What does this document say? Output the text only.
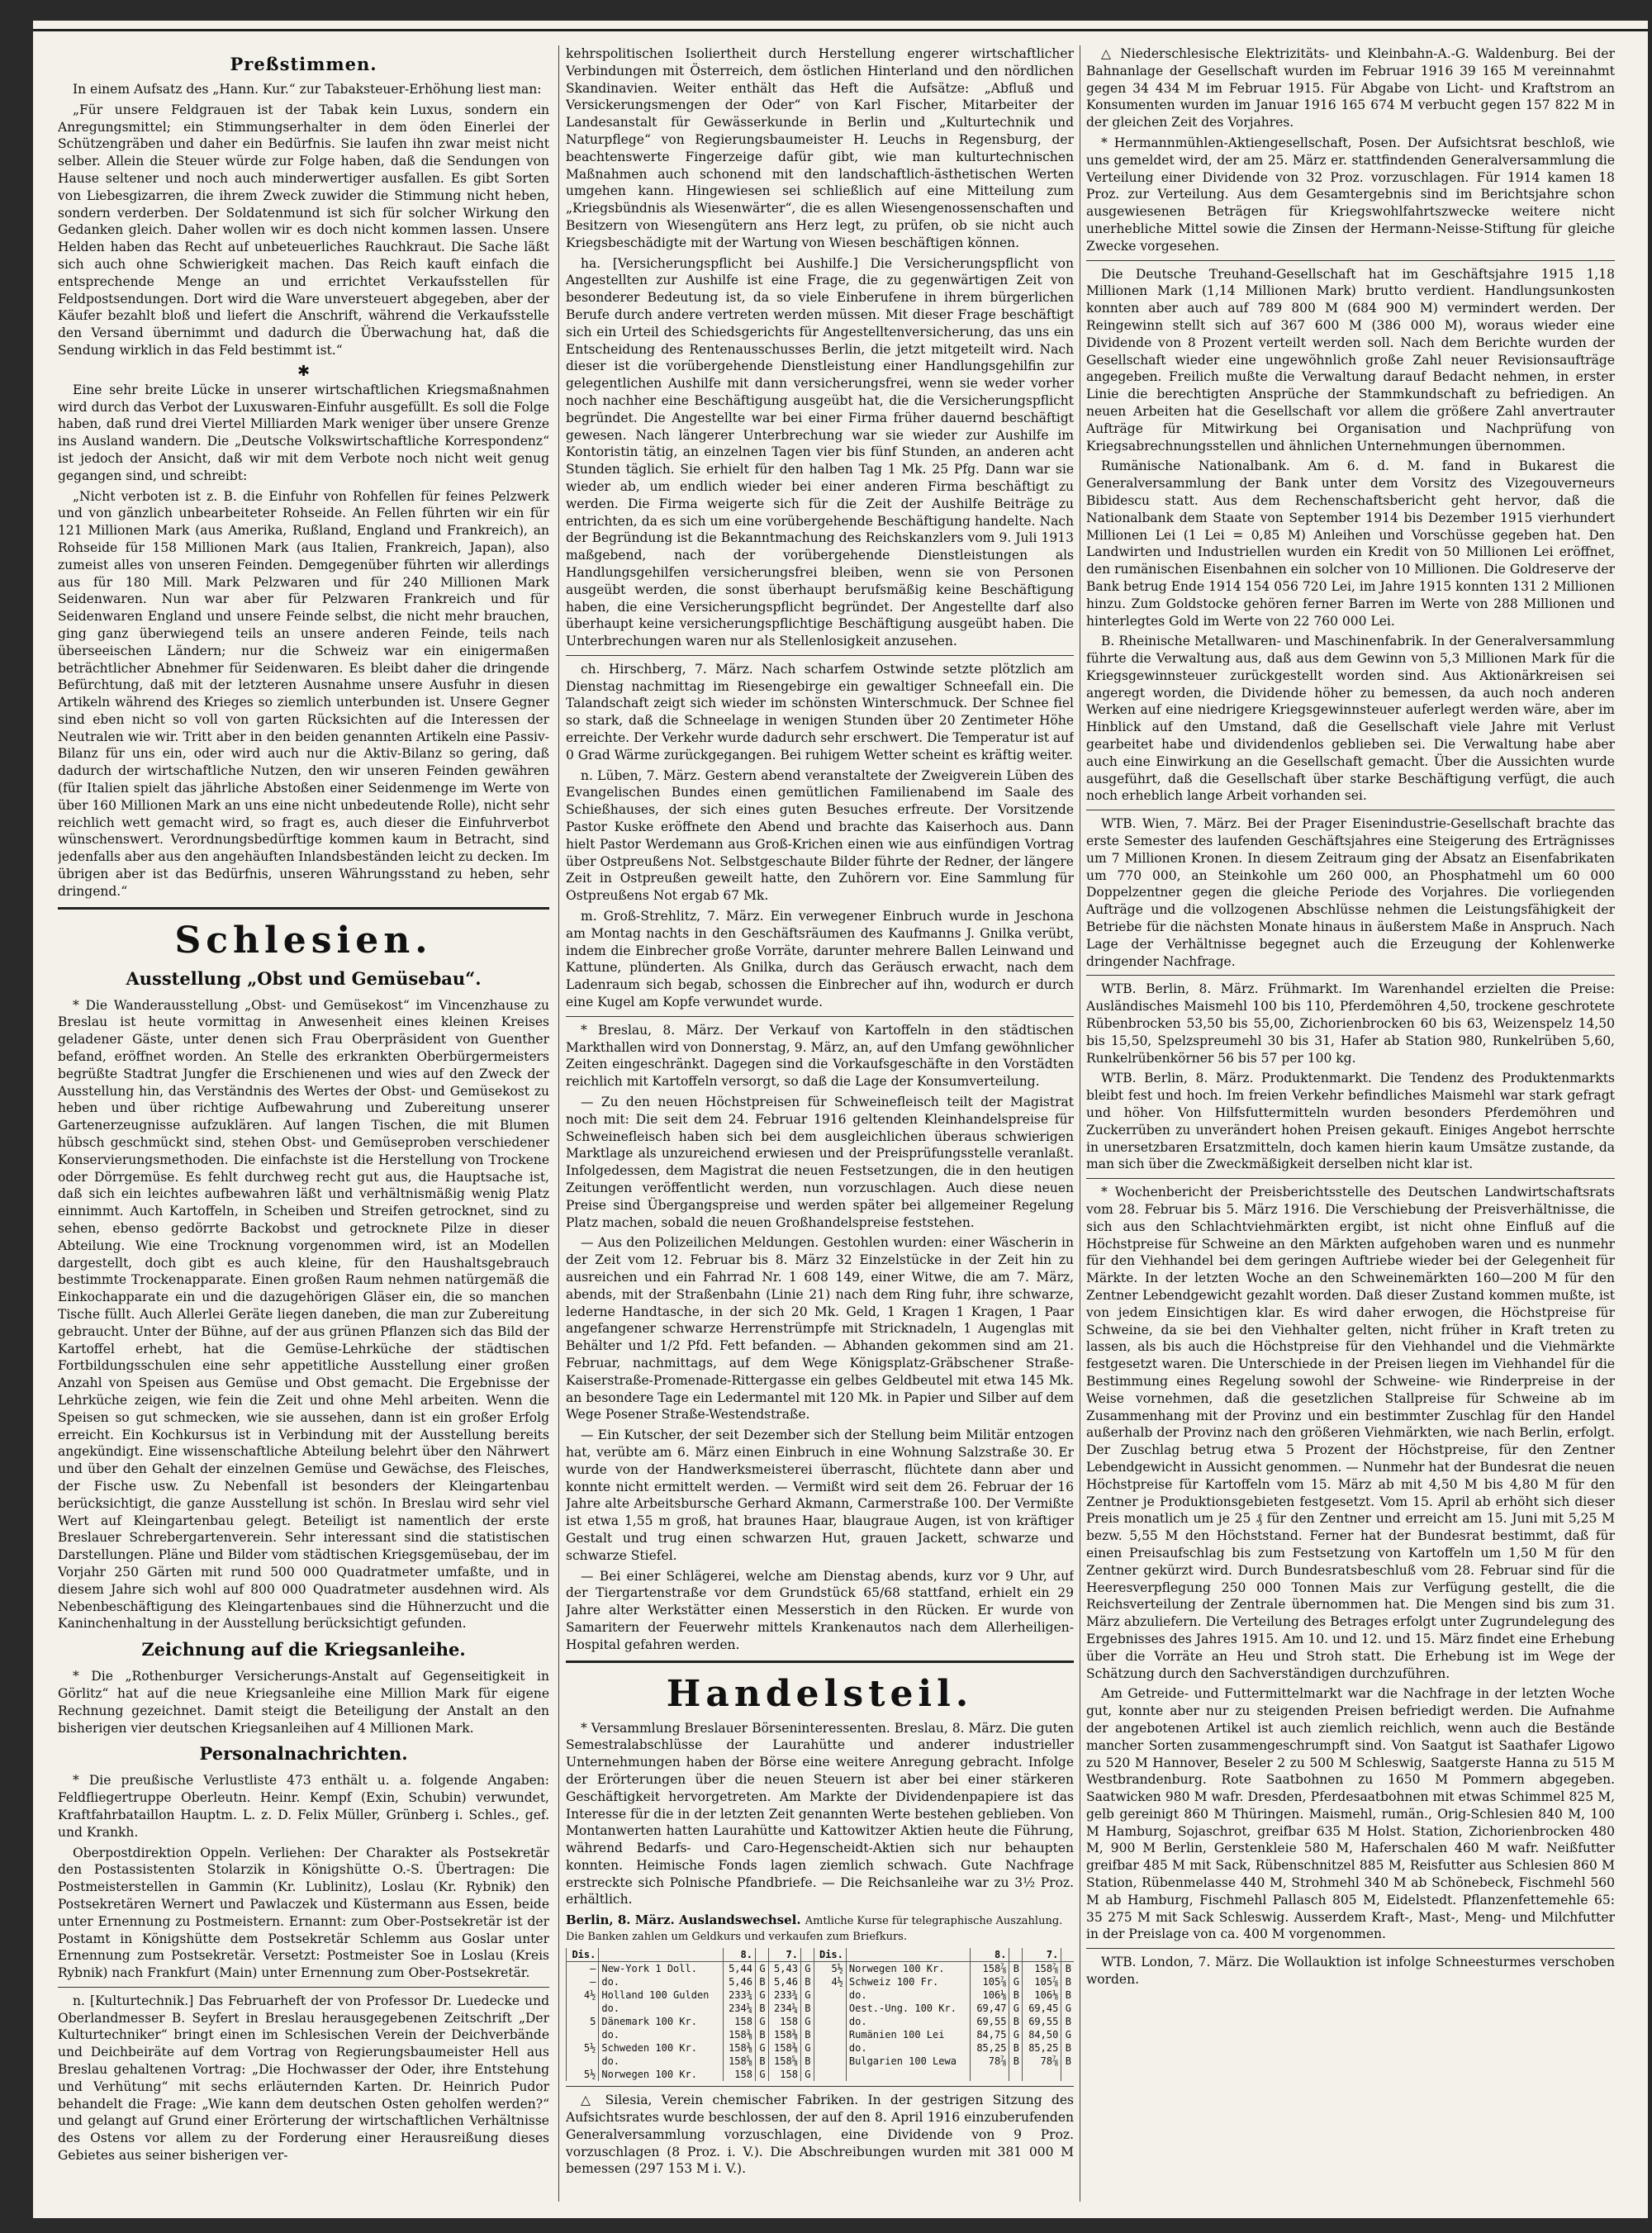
Preßstimmen.

In einem Aufsatz des „Hann. Kur.“ zur Tabaksteuer-Erhöhung liest man:

„Für unsere Feldgrauen ist der Tabak kein Luxus, sondern ein Anregungsmittel; ein Stimmungserhalter in dem öden Einerlei der Schützengräben und daher ein Bedürfnis. Sie laufen ihn zwar meist nicht selber. Allein die Steuer würde zur Folge haben, daß die Sendungen von Hause seltener und noch auch minderwertiger ausfallen. Es gibt Sorten von Liebesgizarren, die ihrem Zweck zuwider die Stimmung nicht heben, sondern verderben. Der Soldatenmund ist sich für solcher Wirkung den Gedanken gleich. Daher wollen wir es doch nicht kommen lassen. Unsere Helden haben das Recht auf unbeteuerliches Rauchkraut. Die Sache läßt sich auch ohne Schwierigkeit machen. Das Reich kauft einfach die entsprechende Menge an und errichtet Verkaufsstellen für Feldpostsendungen. Dort wird die Ware unversteuert abgegeben, aber der Käufer bezahlt bloß und liefert die Anschrift, während die Verkaufsstelle den Versand übernimmt und dadurch die Überwachung hat, daß die Sendung wirklich in das Feld bestimmt ist.“

✱

Eine sehr breite Lücke in unserer wirtschaftlichen Kriegsmaßnahmen wird durch das Verbot der Luxuswaren-Einfuhr ausgefüllt. Es soll die Folge haben, daß rund drei Viertel Milliarden Mark weniger über unsere Grenze ins Ausland wandern. Die „Deutsche Volkswirtschaftliche Korrespondenz“ ist jedoch der Ansicht, daß wir mit dem Verbote noch nicht weit genug gegangen sind, und schreibt:

„Nicht verboten ist z. B. die Einfuhr von Rohfellen für feines Pelzwerk und von gänzlich unbearbeiteter Rohseide. An Fellen führten wir ein für 121 Millionen Mark (aus Amerika, Rußland, England und Frankreich), an Rohseide für 158 Millionen Mark (aus Italien, Frankreich, Japan), also zumeist alles von unseren Feinden. Demgegenüber führten wir allerdings aus für 180 Mill. Mark Pelzwaren und für 240 Millionen Mark Seidenwaren. Nun war aber für Pelzwaren Frankreich und für Seidenwaren England und unsere Feinde selbst, die nicht mehr brauchen, ging ganz überwiegend teils an unsere anderen Feinde, teils nach überseeischen Ländern; nur die Schweiz war ein einigermaßen beträchtlicher Abnehmer für Seidenwaren. Es bleibt daher die dringende Befürchtung, daß mit der letzteren Ausnahme unsere Ausfuhr in diesen Artikeln während des Krieges so ziemlich unterbunden ist. Unsere Gegner sind eben nicht so voll von garten Rücksichten auf die Interessen der Neutralen wie wir. Tritt aber in den beiden genannten Artikeln eine Passiv-Bilanz für uns ein, oder wird auch nur die Aktiv-Bilanz so gering, daß dadurch der wirtschaftliche Nutzen, den wir unseren Feinden gewähren (für Italien spielt das jährliche Abstoßen einer Seidenmenge im Werte von über 160 Millionen Mark an uns eine nicht unbedeutende Rolle), nicht sehr reichlich wett gemacht wird, so fragt es, auch dieser die Einfuhrverbot wünschenswert. Verordnungsbedürftige kommen kaum in Betracht, sind jedenfalls aber aus den angehäuften Inlandsbeständen leicht zu decken. Im übrigen aber ist das Bedürfnis, unseren Währungsstand zu heben, sehr dringend.“

Schlesien.
Ausstellung „Obst und Gemüsebau“.

* Die Wanderausstellung „Obst- und Gemüsekost“ im Vincenzhause zu Breslau ist heute vormittag in Anwesenheit eines kleinen Kreises geladener Gäste, unter denen sich Frau Oberpräsident von Guenther befand, eröffnet worden. An Stelle des erkrankten Oberbürgermeisters begrüßte Stadtrat Jungfer die Erschienenen und wies auf den Zweck der Ausstellung hin, das Verständnis des Wertes der Obst- und Gemüsekost zu heben und über richtige Aufbewahrung und Zubereitung unserer Gartenerzeugnisse aufzuklären. Auf langen Tischen, die mit Blumen hübsch geschmückt sind, stehen Obst- und Gemüseproben verschiedener Konservierungsmethoden. Die einfachste ist die Herstellung von Trockene oder Dörrgemüse. Es fehlt durchweg recht gut aus, die Hauptsache ist, daß sich ein leichtes aufbewahren läßt und verhältnismäßig wenig Platz einnimmt. Auch Kartoffeln, in Scheiben und Streifen getrocknet, sind zu sehen, ebenso gedörrte Backobst und getrocknete Pilze in dieser Abteilung. Wie eine Trocknung vorgenommen wird, ist an Modellen dargestellt, doch gibt es auch kleine, für den Haushaltsgebrauch bestimmte Trockenapparate. Einen großen Raum nehmen natürgemäß die Einkochapparate ein und die dazugehörigen Gläser ein, die so manchen Tische füllt. Auch Allerlei Geräte liegen daneben, die man zur Zubereitung gebraucht. Unter der Bühne, auf der aus grünen Pflanzen sich das Bild der Kartoffel erhebt, hat die Gemüse-Lehrküche der städtischen Fortbildungsschulen eine sehr appetitliche Ausstellung einer großen Anzahl von Speisen aus Gemüse und Obst gemacht. Die Ergebnisse der Lehrküche zeigen, wie fein die Zeit und ohne Mehl arbeiten. Wenn die Speisen so gut schmecken, wie sie aussehen, dann ist ein großer Erfolg erreicht. Ein Kochkursus ist in Verbindung mit der Ausstellung bereits angekündigt. Eine wissenschaftliche Abteilung belehrt über den Nährwert und über den Gehalt der einzelnen Gemüse und Gewächse, des Fleisches, der Fische usw. Zu Nebenfall ist besonders der Kleingartenbau berücksichtigt, die ganze Ausstellung ist schön. In Breslau wird sehr viel Wert auf Kleingartenbau gelegt. Beteiligt ist namentlich der erste Breslauer Schrebergartenverein. Sehr interessant sind die statistischen Darstellungen. Pläne und Bilder vom städtischen Kriegsgemüsebau, der im Vorjahr 250 Gärten mit rund 500 000 Quadratmeter umfaßte, und in diesem Jahre sich wohl auf 800 000 Quadratmeter ausdehnen wird. Als Nebenbeschäftigung des Kleingartenbaues sind die Hühnerzucht und die Kaninchenhaltung in der Ausstellung berücksichtigt gefunden.

Zeichnung auf die Kriegsanleihe.

* Die „Rothenburger Versicherungs-Anstalt auf Gegenseitigkeit in Görlitz“ hat auf die neue Kriegsanleihe eine Million Mark für eigene Rechnung gezeichnet. Damit steigt die Beteiligung der Anstalt an den bisherigen vier deutschen Kriegsanleihen auf 4 Millionen Mark.

Personalnachrichten.

* Die preußische Verlustliste 473 enthält u. a. folgende Angaben: Feldfliegertruppe Oberleutn. Heinr. Kempf (Exin, Schubin) verwundet, Kraftfahrbataillon Hauptm. L. z. D. Felix Müller, Grünberg i. Schles., gef. und Krankh.

Oberpostdirektion Oppeln. Verliehen: Der Charakter als Postsekretär den Postassistenten Stolarzik in Königshütte O.-S. Übertragen: Die Postmeisterstellen in Gammin (Kr. Lublinitz), Loslau (Kr. Rybnik) den Postsekretären Wernert und Pawlaczek und Küstermann aus Essen, beide unter Ernennung zu Postmeistern. Ernannt: zum Ober-Postsekretär ist der Postamt in Königshütte dem Postsekretär Schlemm aus Goslar unter Ernennung zum Postsekretär. Versetzt: Postmeister Soe in Loslau (Kreis Rybnik) nach Frankfurt (Main) unter Ernennung zum Ober-Postsekretär.

n. [Kulturtechnik.] Das Februarheft der von Professor Dr. Luedecke und Oberlandmesser B. Seyfert in Breslau herausgegebenen Zeitschrift „Der Kulturtechniker“ bringt einen im Schlesischen Verein der Deichverbände und Deichbeiräte auf dem Vortrag von Regierungsbaumeister Hell aus Breslau gehaltenen Vortrag: „Die Hochwasser der Oder, ihre Entstehung und Verhütung“ mit sechs erläuternden Karten. Dr. Heinrich Pudor behandelt die Frage: „Wie kann dem deutschen Osten geholfen werden?“ und gelangt auf Grund einer Erörterung der wirtschaftlichen Verhältnisse des Ostens vor allem zu der Forderung einer Herausreißung dieses Gebietes aus seiner bisherigen ver-

kehrspolitischen Isoliertheit durch Herstellung engerer wirtschaftlicher Verbindungen mit Österreich, dem östlichen Hinterland und den nördlichen Skandinavien. Weiter enthält das Heft die Aufsätze: „Abfluß und Versickerungsmengen der Oder“ von Karl Fischer, Mitarbeiter der Landesanstalt für Gewässerkunde in Berlin und „Kulturtechnik und Naturpflege“ von Regierungsbaumeister H. Leuchs in Regensburg, der beachtenswerte Fingerzeige dafür gibt, wie man kulturtechnischen Maßnahmen auch schonend mit den landschaftlich-ästhetischen Werten umgehen kann. Hingewiesen sei schließlich auf eine Mitteilung zum „Kriegsbündnis als Wiesenwärter“, die es allen Wiesengenossenschaften und Besitzern von Wiesengütern ans Herz legt, zu prüfen, ob sie nicht auch Kriegsbeschädigte mit der Wartung von Wiesen beschäftigen können.

ha. [Versicherungspflicht bei Aushilfe.] Die Versicherungspflicht von Angestellten zur Aushilfe ist eine Frage, die zu gegenwärtigen Zeit von besonderer Bedeutung ist, da so viele Einberufene in ihrem bürgerlichen Berufe durch andere vertreten werden müssen. Mit dieser Frage beschäftigt sich ein Urteil des Schiedsgerichts für Angestelltenversicherung, das uns ein Entscheidung des Rentenausschusses Berlin, die jetzt mitgeteilt wird. Nach dieser ist die vorübergehende Dienstleistung einer Handlungsgehilfin zur gelegentlichen Aushilfe mit dann versicherungsfrei, wenn sie weder vorher noch nachher eine Beschäftigung ausgeübt hat, die die Versicherungspflicht begründet. Die Angestellte war bei einer Firma früher dauernd beschäftigt gewesen. Nach längerer Unterbrechung war sie wieder zur Aushilfe im Kontoristin tätig, an einzelnen Tagen vier bis fünf Stunden, an anderen acht Stunden täglich. Sie erhielt für den halben Tag 1 Mk. 25 Pfg. Dann war sie wieder ab, um endlich wieder bei einer anderen Firma beschäftigt zu werden. Die Firma weigerte sich für die Zeit der Aushilfe Beiträge zu entrichten, da es sich um eine vorübergehende Beschäftigung handelte. Nach der Begründung ist die Bekanntmachung des Reichskanzlers vom 9. Juli 1913 maßgebend, nach der vorübergehende Dienstleistungen als Handlungsgehilfen versicherungsfrei bleiben, wenn sie von Personen ausgeübt werden, die sonst überhaupt berufsmäßig keine Beschäftigung haben, die eine Versicherungspflicht begründet. Der Angestellte darf also überhaupt keine versicherungspflichtige Beschäftigung ausgeübt haben. Die Unterbrechungen waren nur als Stellenlosigkeit anzusehen.

ch. Hirschberg, 7. März. Nach scharfem Ostwinde setzte plötzlich am Dienstag nachmittag im Riesengebirge ein gewaltiger Schneefall ein. Die Talandschaft zeigt sich wieder im schönsten Winterschmuck. Der Schnee fiel so stark, daß die Schneelage in wenigen Stunden über 20 Zentimeter Höhe erreichte. Der Verkehr wurde dadurch sehr erschwert. Die Temperatur ist auf 0 Grad Wärme zurückgegangen. Bei ruhigem Wetter scheint es kräftig weiter.

n. Lüben, 7. März. Gestern abend veranstaltete der Zweigverein Lüben des Evangelischen Bundes einen gemütlichen Familienabend im Saale des Schießhauses, der sich eines guten Besuches erfreute. Der Vorsitzende Pastor Kuske eröffnete den Abend und brachte das Kaiserhoch aus. Dann hielt Pastor Werdemann aus Groß-Krichen einen wie aus einfündigen Vortrag über Ostpreußens Not. Selbstgeschaute Bilder führte der Redner, der längere Zeit in Ostpreußen geweilt hatte, den Zuhörern vor. Eine Sammlung für Ostpreußens Not ergab 67 Mk.

m. Groß-Strehlitz, 7. März. Ein verwegener Einbruch wurde in Jeschona am Montag nachts in den Geschäftsräumen des Kaufmanns J. Gnilka verübt, indem die Einbrecher große Vorräte, darunter mehrere Ballen Leinwand und Kattune, plünderten. Als Gnilka, durch das Geräusch erwacht, nach dem Ladenraum sich begab, schossen die Einbrecher auf ihn, wodurch er durch eine Kugel am Kopfe verwundet wurde.

* Breslau, 8. März. Der Verkauf von Kartoffeln in den städtischen Markthallen wird von Donnerstag, 9. März, an, auf den Umfang gewöhnlicher Zeiten eingeschränkt. Dagegen sind die Vorkaufsgeschäfte in den Vorstädten reichlich mit Kartoffeln versorgt, so daß die Lage der Konsumverteilung.

— Zu den neuen Höchstpreisen für Schweinefleisch teilt der Magistrat noch mit: Die seit dem 24. Februar 1916 geltenden Kleinhandelspreise für Schweinefleisch haben sich bei dem ausgleichlichen überaus schwierigen Marktlage als unzureichend erwiesen und der Preisprüfungsstelle veranlaßt. Infolgedessen, dem Magistrat die neuen Festsetzungen, die in den heutigen Zeitungen veröffentlicht werden, nun vorzuschlagen. Auch diese neuen Preise sind Übergangspreise und werden später bei allgemeiner Regelung Platz machen, sobald die neuen Großhandelspreise feststehen.

— Aus den Polizeilichen Meldungen. Gestohlen wurden: einer Wäscherin in der Zeit vom 12. Februar bis 8. März 32 Einzelstücke in der Zeit hin zu ausreichen und ein Fahrrad Nr. 1 608 149, einer Witwe, die am 7. März, abends, mit der Straßenbahn (Linie 21) nach dem Ring fuhr, ihre schwarze, lederne Handtasche, in der sich 20 Mk. Geld, 1 Kragen 1 Kragen, 1 Paar angefangener schwarze Herrenstrümpfe mit Stricknadeln, 1 Augenglas mit Behälter und 1/2 Pfd. Fett befanden. — Abhanden gekommen sind am 21. Februar, nachmittags, auf dem Wege Königsplatz-Gräbschener Straße-Kaiserstraße-Promenade-Rittergasse ein gelbes Geldbeutel mit etwa 145 Mk. an besondere Tage ein Ledermantel mit 120 Mk. in Papier und Silber auf dem Wege Posener Straße-Westendstraße.

— Ein Kutscher, der seit Dezember sich der Stellung beim Militär entzogen hat, verübte am 6. März einen Einbruch in eine Wohnung Salzstraße 30. Er wurde von der Handwerksmeisterei überrascht, flüchtete dann aber und konnte nicht ermittelt werden. — Vermißt wird seit dem 26. Februar der 16 Jahre alte Arbeitsbursche Gerhard Akmann, Carmerstraße 100. Der Vermißte ist etwa 1,55 m groß, hat braunes Haar, blaugraue Augen, ist von kräftiger Gestalt und trug einen schwarzen Hut, grauen Jackett, schwarze und schwarze Stiefel.

— Bei einer Schlägerei, welche am Dienstag abends, kurz vor 9 Uhr, auf der Tiergartenstraße vor dem Grundstück 65/68 stattfand, erhielt ein 29 Jahre alter Werkstätter einen Messerstich in den Rücken. Er wurde von Samaritern der Feuerwehr mittels Krankenautos nach dem Allerheiligen-Hospital gefahren werden.

Handelsteil.

* Versammlung Breslauer Börseninteressenten. Breslau, 8. März. Die guten Semestralabschlüsse der Laurahütte und anderer industrieller Unternehmungen haben der Börse eine weitere Anregung gebracht. Infolge der Erörterungen über die neuen Steuern ist aber bei einer stärkeren Geschäftigkeit hervorgetreten. Am Markte der Dividendenpapiere ist das Interesse für die in der letzten Zeit genannten Werte bestehen geblieben. Von Montanwerten hatten Laurahütte und Kattowitzer Aktien heute die Führung, während Bedarfs- und Caro-Hegenscheidt-Aktien sich nur behaupten konnten. Heimische Fonds lagen ziemlich schwach. Gute Nachfrage erstreckte sich Polnische Pfandbriefe. — Die Reichsanleihe war zu 3½ Proz. erhältlich.

Berlin, 8. März. Auslandswechsel. Amtliche Kurse für telegraphische Auszahlung. Die Banken zahlen um Geldkurs und verkaufen zum Briefkurs.
Dis.		8.		7.		Dis.		8.		7.	
—	New-York 1 Doll.	5,44	G	5,43	G	5½	Norwegen 100 Kr.	158⅞	B	158⅞	B
—	do.	5,46	B	5,46	B	4½	Schweiz 100 Fr.	105⅞	G	105⅞	B
4½	Holland 100 Gulden	233¾	G	233¾	G		do.	106⅛	B	106⅛	B
	do.	234¼	B	234¼	B		Oest.-Ung. 100 Kr.	69,47	G	69,45	G
5	Dänemark 100 Kr.	158	G	158	G		do.	69,55	B	69,55	B
	do.	158⅜	B	158⅜	B		Rumänien 100 Lei	84,75	G	84,50	G
5½	Schweden 100 Kr.	158⅜	G	158⅜	G		do.	85,25	B	85,25	B
	do.	158⅝	B	158⅝	B		Bulgarien 100 Lewa	78⅞	B	78⅞	B
5½	Norwegen 100 Kr.	158	G	158	G						

△ Silesia, Verein chemischer Fabriken. In der gestrigen Sitzung des Aufsichtsrates wurde beschlossen, der auf den 8. April 1916 einzuberufenden Generalversammlung vorzuschlagen, eine Dividende von 9 Proz. vorzuschlagen (8 Proz. i. V.). Die Abschreibungen wurden mit 381 000 M bemessen (297 153 M i. V.).

△ Niederschlesische Elektrizitäts- und Kleinbahn-A.-G. Waldenburg. Bei der Bahnanlage der Gesellschaft wurden im Februar 1916 39 165 M vereinnahmt gegen 34 434 M im Februar 1915. Für Abgabe von Licht- und Kraftstrom an Konsumenten wurden im Januar 1916 165 674 M verbucht gegen 157 822 M in der gleichen Zeit des Vorjahres.

* Hermannmühlen-Aktiengesellschaft, Posen. Der Aufsichtsrat beschloß, wie uns gemeldet wird, der am 25. März er. stattfindenden Generalversammlung die Verteilung einer Dividende von 32 Proz. vorzuschlagen. Für 1914 kamen 18 Proz. zur Verteilung. Aus dem Gesamtergebnis sind im Berichtsjahre schon ausgewiesenen Beträgen für Kriegswohlfahrtszwecke weitere nicht unerhebliche Mittel sowie die Zinsen der Hermann-Neisse-Stiftung für gleiche Zwecke vorgesehen.

Die Deutsche Treuhand-Gesellschaft hat im Geschäftsjahre 1915 1,18 Millionen Mark (1,14 Millionen Mark) brutto verdient. Handlungsunkosten konnten aber auch auf 789 800 M (684 900 M) vermindert werden. Der Reingewinn stellt sich auf 367 600 M (386 000 M), woraus wieder eine Dividende von 8 Prozent verteilt werden soll. Nach dem Berichte wurden der Gesellschaft wieder eine ungewöhnlich große Zahl neuer Revisionsaufträge angegeben. Freilich mußte die Verwaltung darauf Bedacht nehmen, in erster Linie die berechtigten Ansprüche der Stammkundschaft zu befriedigen. An neuen Arbeiten hat die Gesellschaft vor allem die größere Zahl anvertrauter Aufträge für Mitwirkung bei Organisation und Nachprüfung von Kriegsabrechnungsstellen und ähnlichen Unternehmungen übernommen.

Rumänische Nationalbank. Am 6. d. M. fand in Bukarest die Generalversammlung der Bank unter dem Vorsitz des Vizegouverneurs Bibidescu statt. Aus dem Rechenschaftsbericht geht hervor, daß die Nationalbank dem Staate von September 1914 bis Dezember 1915 vierhundert Millionen Lei (1 Lei = 0,85 M) Anleihen und Vorschüsse gegeben hat. Den Landwirten und Industriellen wurden ein Kredit von 50 Millionen Lei eröffnet, den rumänischen Eisenbahnen ein solcher von 10 Millionen. Die Goldreserve der Bank betrug Ende 1914 154 056 720 Lei, im Jahre 1915 konnten 131 2 Millionen hinzu. Zum Goldstocke gehören ferner Barren im Werte von 288 Millionen und hinterlegtes Gold im Werte von 22 760 000 Lei.

B. Rheinische Metallwaren- und Maschinenfabrik. In der Generalversammlung führte die Verwaltung aus, daß aus dem Gewinn von 5,3 Millionen Mark für die Kriegsgewinnsteuer zurückgestellt worden sind. Aus Aktionärkreisen sei angeregt worden, die Dividende höher zu bemessen, da auch noch anderen Werken auf eine niedrigere Kriegsgewinnsteuer auferlegt werden wäre, aber im Hinblick auf den Umstand, daß die Gesellschaft viele Jahre mit Verlust gearbeitet habe und dividendenlos geblieben sei. Die Verwaltung habe aber auch eine Einwirkung an die Gesellschaft gemacht. Über die Aussichten wurde ausgeführt, daß die Gesellschaft über starke Beschäftigung verfügt, die auch noch erheblich lange Arbeit vorhanden sei.

WTB. Wien, 7. März. Bei der Prager Eisenindustrie-Gesellschaft brachte das erste Semester des laufenden Geschäftsjahres eine Steigerung des Erträgnisses um 7 Millionen Kronen. In diesem Zeitraum ging der Absatz an Eisenfabrikaten um 770 000, an Steinkohle um 260 000, an Phosphatmehl um 60 000 Doppelzentner gegen die gleiche Periode des Vorjahres. Die vorliegenden Aufträge und die vollzogenen Abschlüsse nehmen die Leistungsfähigkeit der Betriebe für die nächsten Monate hinaus in äußerstem Maße in Anspruch. Nach Lage der Verhältnisse begegnet auch die Erzeugung der Kohlenwerke dringender Nachfrage.

WTB. Berlin, 8. März. Frühmarkt. Im Warenhandel erzielten die Preise: Ausländisches Maismehl 100 bis 110, Pferdemöhren 4,50, trockene geschrotete Rübenbrocken 53,50 bis 55,00, Zichorienbrocken 60 bis 63, Weizenspelz 14,50 bis 15,50, Spelzspreumehl 30 bis 31, Hafer ab Station 980, Runkelrüben 5,60, Runkelrübenkörner 56 bis 57 per 100 kg.

WTB. Berlin, 8. März. Produktenmarkt. Die Tendenz des Produktenmarkts bleibt fest und hoch. Im freien Verkehr befindliches Maismehl war stark gefragt und höher. Von Hilfsfuttermitteln wurden besonders Pferdemöhren und Zuckerrüben zu unverändert hohen Preisen gekauft. Einiges Angebot herrschte in unersetzbaren Ersatzmitteln, doch kamen hierin kaum Umsätze zustande, da man sich über die Zweckmäßigkeit derselben nicht klar ist.

* Wochenbericht der Preisberichtsstelle des Deutschen Landwirtschaftsrats vom 28. Februar bis 5. März 1916. Die Verschiebung der Preisverhältnisse, die sich aus den Schlachtviehmärkten ergibt, ist nicht ohne Einfluß auf die Höchstpreise für Schweine an den Märkten aufgehoben waren und es nunmehr für den Viehhandel bei dem geringen Auftriebe wieder bei der Gelegenheit für Märkte. In der letzten Woche an den Schweinemärkten 160—200 M für den Zentner Lebendgewicht gezahlt worden. Daß dieser Zustand kommen mußte, ist von jedem Einsichtigen klar. Es wird daher erwogen, die Höchstpreise für Schweine, da sie bei den Viehhalter gelten, nicht früher in Kraft treten zu lassen, als bis auch die Höchstpreise für den Viehhandel und die Viehmärkte festgesetzt waren. Die Unterschiede in der Preisen liegen im Viehhandel für die Bestimmung eines Regelung sowohl der Schweine- wie Rinderpreise in der Weise vornehmen, daß die gesetzlichen Stallpreise für Schweine ab im Zusammenhang mit der Provinz und ein bestimmter Zuschlag für den Handel außerhalb der Provinz nach den größeren Viehmärkten, wie nach Berlin, erfolgt. Der Zuschlag betrug etwa 5 Prozent der Höchstpreise, für den Zentner Lebendgewicht in Aussicht genommen. — Nunmehr hat der Bundesrat die neuen Höchstpreise für Kartoffeln vom 15. März ab mit 4,50 M bis 4,80 M für den Zentner je Produktionsgebieten festgesetzt. Vom 15. April ab erhöht sich dieser Preis monatlich um je 25 ₰ für den Zentner und erreicht am 15. Juni mit 5,25 M bezw. 5,55 M den Höchststand. Ferner hat der Bundesrat bestimmt, daß für einen Preisaufschlag bis zum Festsetzung von Kartoffeln um 1,50 M für den Zentner gekürzt wird. Durch Bundesratsbeschluß vom 28. Februar sind für die Heeresverpflegung 250 000 Tonnen Mais zur Verfügung gestellt, die die Reichsverteilung der Zentrale übernommen hat. Die Mengen sind bis zum 31. März abzuliefern. Die Verteilung des Betrages erfolgt unter Zugrundelegung des Ergebnisses des Jahres 1915. Am 10. und 12. und 15. März findet eine Erhebung über die Vorräte an Heu und Stroh statt. Die Erhebung ist im Wege der Schätzung durch den Sachverständigen durchzuführen.

Am Getreide- und Futtermittelmarkt war die Nachfrage in der letzten Woche gut, konnte aber nur zu steigenden Preisen befriedigt werden. Die Aufnahme der angebotenen Artikel ist auch ziemlich reichlich, wenn auch die Bestände mancher Sorten zusammengeschrumpft sind. Von Saatgut ist Saathafer Ligowo zu 520 M Hannover, Beseler 2 zu 500 M Schleswig, Saatgerste Hanna zu 515 M Westbrandenburg. Rote Saatbohnen zu 1650 M Pommern abgegeben. Saatwicken 980 M wafr. Dresden, Pferdesaatbohnen mit etwas Schimmel 825 M, gelb gereinigt 860 M Thüringen. Maismehl, rumän., Orig-Schlesien 840 M, 100 M Hamburg, Sojaschrot, greifbar 635 M Holst. Station, Zichorienbrocken 480 M, 900 M Berlin, Gerstenkleie 580 M, Haferschalen 460 M wafr. Neißfutter greifbar 485 M mit Sack, Rübenschnitzel 885 M, Reisfutter aus Schlesien 860 M Station, Rübenmelasse 440 M, Strohmehl 340 M ab Schönebeck, Fischmehl 560 M ab Hamburg, Fischmehl Pallasch 805 M, Eidelstedt. Pflanzenfettemehle 65: 35 275 M mit Sack Schleswig. Ausserdem Kraft-, Mast-, Meng- und Milchfutter in der Preislage von ca. 400 M vorgenommen.

WTB. London, 7. März. Die Wollauktion ist infolge Schneesturmes verschoben worden.
